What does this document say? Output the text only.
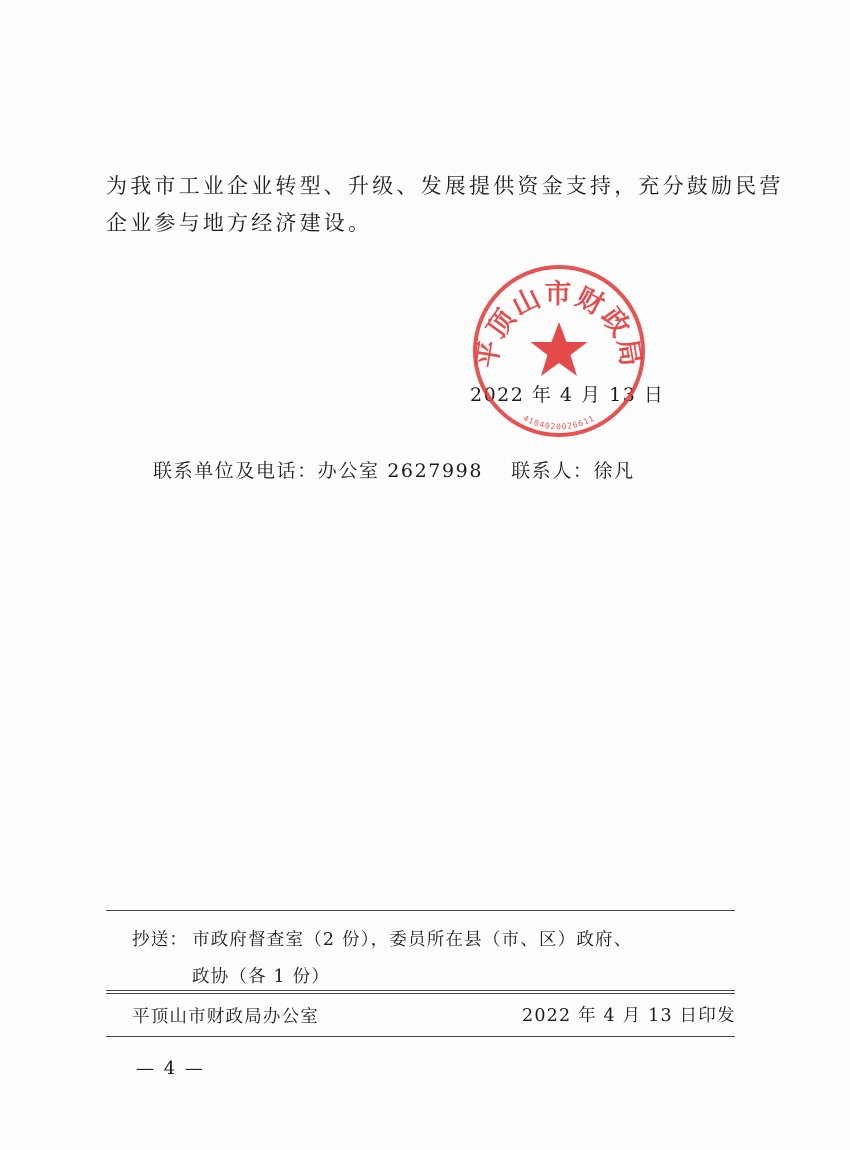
为我市工业企业转型、升级、发展提供资金支持，充分鼓励民营
企业参与地方经济建设。
2022 年 4 月 13 日
平顶山市财政局
4104020026611
联系单位及电话：办公室 2627998 联系人：徐凡
抄送： 市政府督查室（2 份），委员所在县（市、区）政府、
政协（各 1 份）
平顶山市财政局办公室	2022 年 4 月 13 日印发
— 4 —
